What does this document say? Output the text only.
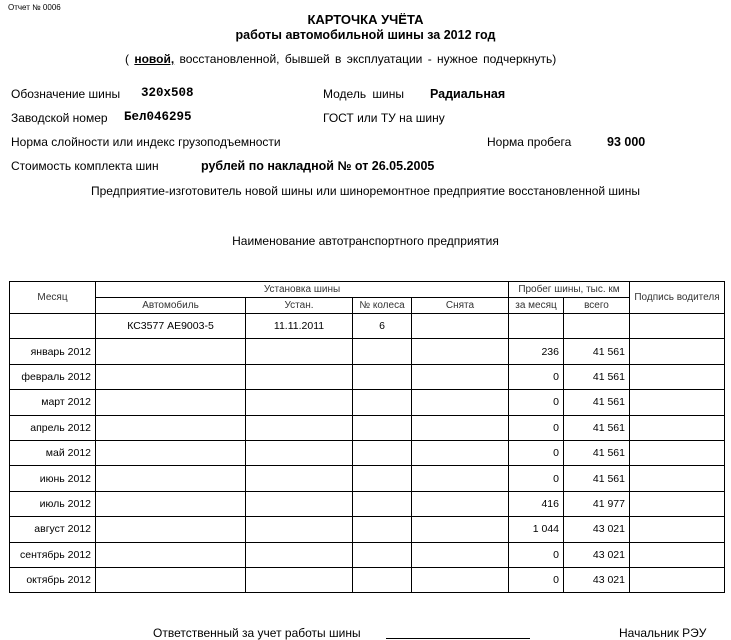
Отчет № 0006
КАРТОЧКА УЧЁТА
работы автомобильной шины за 2012 год
( новой, восстановленной, бывшей в эксплуатации - нужное подчеркнуть)
Обозначение шины 320x508	Модель шины Радиальная
Заводской номер Бел046295	ГОСТ или ТУ на шину
Норма слойности или индекс грузоподъемности	Норма пробега	93 000
Стоимость комплекта шин	рублей по накладной № от 26.05.2005
Предприятие-изготовитель новой шины или шиноремонтное предприятие восстановленной шины
Наименование автотранспортного предприятия
Месяц	Установка шины				Пробег шины, тыс. км		Подпись водителя
	Автомобиль	Устан.	№ колеса	Снята	за месяц	всего	
	КС3577 АЕ9003-5	11.11.2011	6				
январь 2012					236	41 561	
февраль 2012					0	41 561	
март 2012					0	41 561	
апрель 2012					0	41 561	
май 2012					0	41 561	
июнь 2012					0	41 561	
июль 2012					416	41 977	
август 2012					1 044	43 021	
сентябрь 2012					0	43 021	
октябрь 2012					0	43 021	
Ответственный за учет работы шины	Начальник РЭУ
